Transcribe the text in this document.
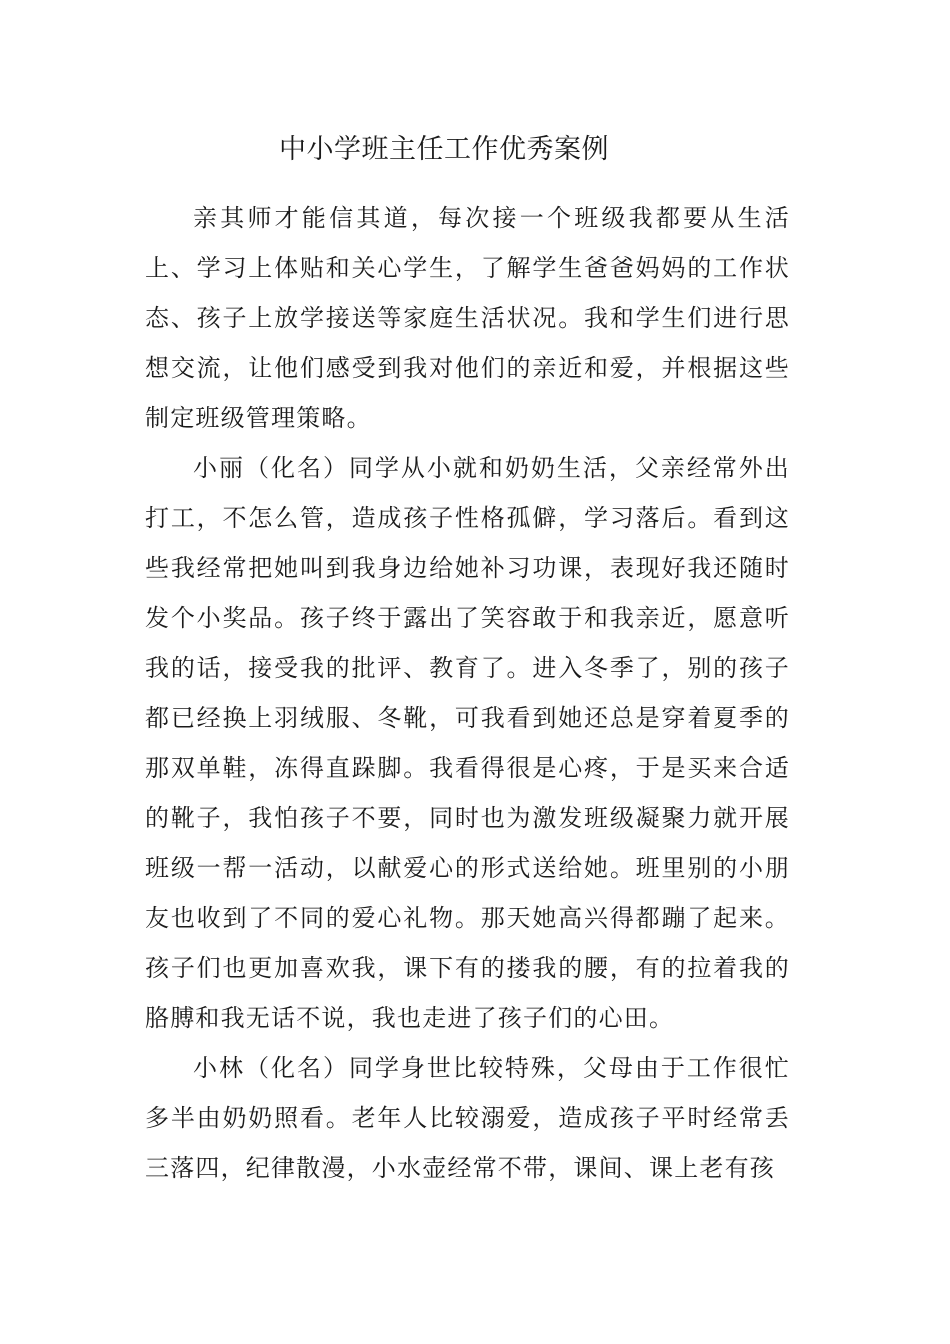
中小学班主任工作优秀案例

亲其师才能信其道，每次接一个班级我都要从生活上、学习上体贴和关心学生，了解学生爸爸妈妈的工作状态、孩子上放学接送等家庭生活状况。我和学生们进行思想交流，让他们感受到我对他们的亲近和爱，并根据这些制定班级管理策略。

小丽（化名）同学从小就和奶奶生活，父亲经常外出打工，不怎么管，造成孩子性格孤僻，学习落后。看到这些我经常把她叫到我身边给她补习功课，表现好我还随时发个小奖品。孩子终于露出了笑容敢于和我亲近，愿意听我的话，接受我的批评、教育了。进入冬季了，别的孩子都已经换上羽绒服、冬靴，可我看到她还总是穿着夏季的那双单鞋，冻得直跺脚。我看得很是心疼，于是买来合适的靴子，我怕孩子不要，同时也为激发班级凝聚力就开展班级一帮一活动，以献爱心的形式送给她。班里别的小朋友也收到了不同的爱心礼物。那天她高兴得都蹦了起来。孩子们也更加喜欢我，课下有的搂我的腰，有的拉着我的胳膊和我无话不说，我也走进了孩子们的心田。

小林（化名）同学身世比较特殊，父母由于工作很忙多半由奶奶照看。老年人比较溺爱，造成孩子平时经常丢三落四，纪律散漫，小水壶经常不带，课间、课上老有孩
